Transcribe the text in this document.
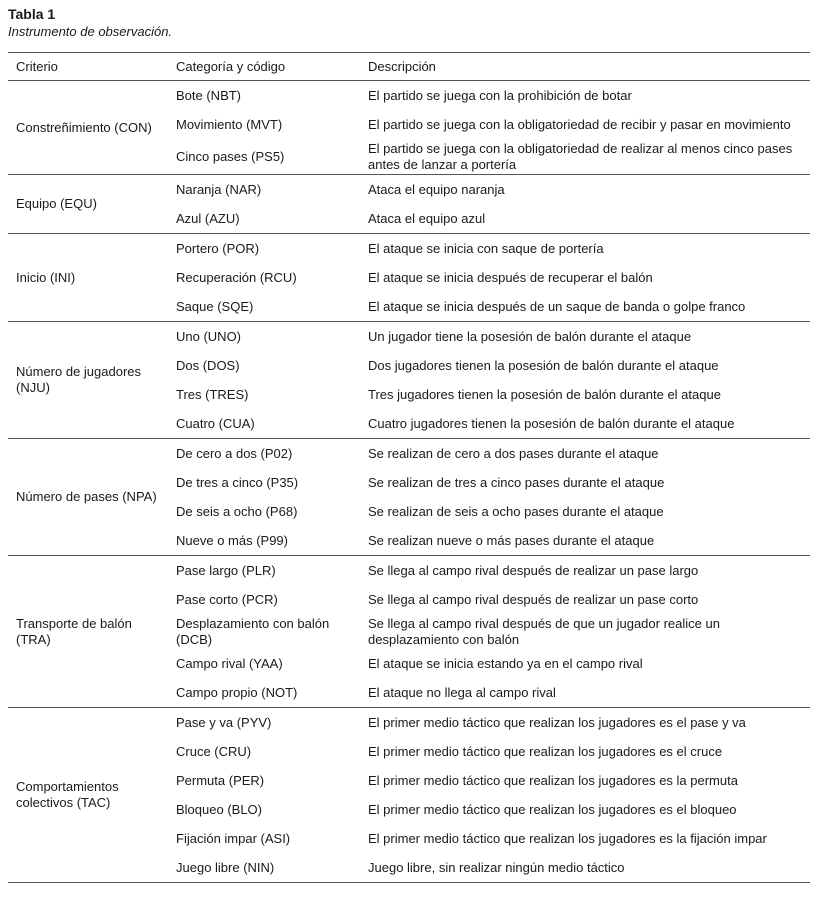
Tabla 1
Instrumento de observación.
Criterio	Categoría y código	Descripción
Constreñimiento (CON)	Bote (NBT)	El partido se juega con la prohibición de botar
	Movimiento (MVT)	El partido se juega con la obligatoriedad de recibir y pasar en movimiento
	Cinco pases (PS5)	El partido se juega con la obligatoriedad de realizar al menos cinco pases antes de lanzar a portería
Equipo (EQU)	Naranja (NAR)	Ataca el equipo naranja
	Azul (AZU)	Ataca el equipo azul
Inicio (INI)	Portero (POR)	El ataque se inicia con saque de portería
	Recuperación (RCU)	El ataque se inicia después de recuperar el balón
	Saque (SQE)	El ataque se inicia después de un saque de banda o golpe franco
Número de jugadores (NJU)	Uno (UNO)	Un jugador tiene la posesión de balón durante el ataque
	Dos (DOS)	Dos jugadores tienen la posesión de balón durante el ataque
	Tres (TRES)	Tres jugadores tienen la posesión de balón durante el ataque
	Cuatro (CUA)	Cuatro jugadores tienen la posesión de balón durante el ataque
Número de pases (NPA)	De cero a dos (P02)	Se realizan de cero a dos pases durante el ataque
	De tres a cinco (P35)	Se realizan de tres a cinco pases durante el ataque
	De seis a ocho (P68)	Se realizan de seis a ocho pases durante el ataque
	Nueve o más (P99)	Se realizan nueve o más pases durante el ataque
Transporte de balón (TRA)	Pase largo (PLR)	Se llega al campo rival después de realizar un pase largo
	Pase corto (PCR)	Se llega al campo rival después de realizar un pase corto
	Desplazamiento con balón (DCB)	Se llega al campo rival después de que un jugador realice un desplazamiento con balón
	Campo rival (YAA)	El ataque se inicia estando ya en el campo rival
	Campo propio (NOT)	El ataque no llega al campo rival
Comportamientos colectivos (TAC)	Pase y va (PYV)	El primer medio táctico que realizan los jugadores es el pase y va
	Cruce (CRU)	El primer medio táctico que realizan los jugadores es el cruce
	Permuta (PER)	El primer medio táctico que realizan los jugadores es la permuta
	Bloqueo (BLO)	El primer medio táctico que realizan los jugadores es el bloqueo
	Fijación impar (ASI)	El primer medio táctico que realizan los jugadores es la fijación impar
	Juego libre (NIN)	Juego libre, sin realizar ningún medio táctico
